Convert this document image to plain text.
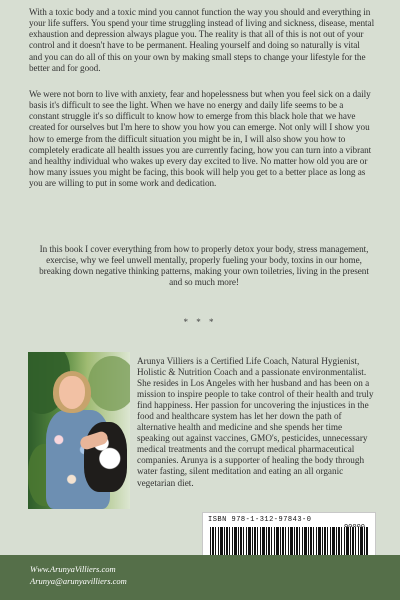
With a toxic body and a toxic mind you cannot function the way you should and everything in your life suffers. You spend your time struggling instead of living and sickness, disease, mental exhaustion and depression always plague you. The reality is that all of this is not out of your control and it doesn't have to be permanent. Healing yourself and doing so naturally is vital and you can do all of this on your own by making small steps to change your lifestyle for the better and for good.
We were not born to live with anxiety, fear and hopelessness but when you feel sick on a daily basis it's difficult to see the light. When we have no energy and daily life seems to be a constant struggle it's so difficult to know how to emerge from this black hole that we have created for ourselves but I'm here to show you how you can emerge. Not only will I show you how to emerge from the difficult situation you might be in, I will also show you how to completely eradicate all health issues you are currently facing, how you can turn into a vibrant and healthy individual who wakes up every day excited to live. No matter how old you are or how many issues you might be facing, this book will help you get to a better place as long as you are willing to put in some work and dedication.
In this book I cover everything from how to properly detox your body, stress management, exercise, why we feel unwell mentally, properly fueling your body, toxins in our home, breaking down negative thinking patterns, making your own toiletries, living in the present and so much more!
* * *
Arunya Villiers is a Certified Life Coach, Natural Hygienist, Holistic & Nutrition Coach and a passionate environmentalist. She resides in Los Angeles with her husband and has been on a mission to inspire people to take control of their health and truly find happiness. Her passion for uncovering the injustices in the food and healthcare system has let her down the path of alternative health and medicine and she spends her time speaking out against vaccines, GMO's, pesticides, unnecessary medical treatments and the corrupt medical pharmaceutical companies. Arunya is a supporter of healing the body through water fasting, silent meditation and eating an all organic vegetarian diet.
ISBN 978-1-312-97843-0
Www.ArunyaVilliers.com
Arunya@arunyavilliers.com
